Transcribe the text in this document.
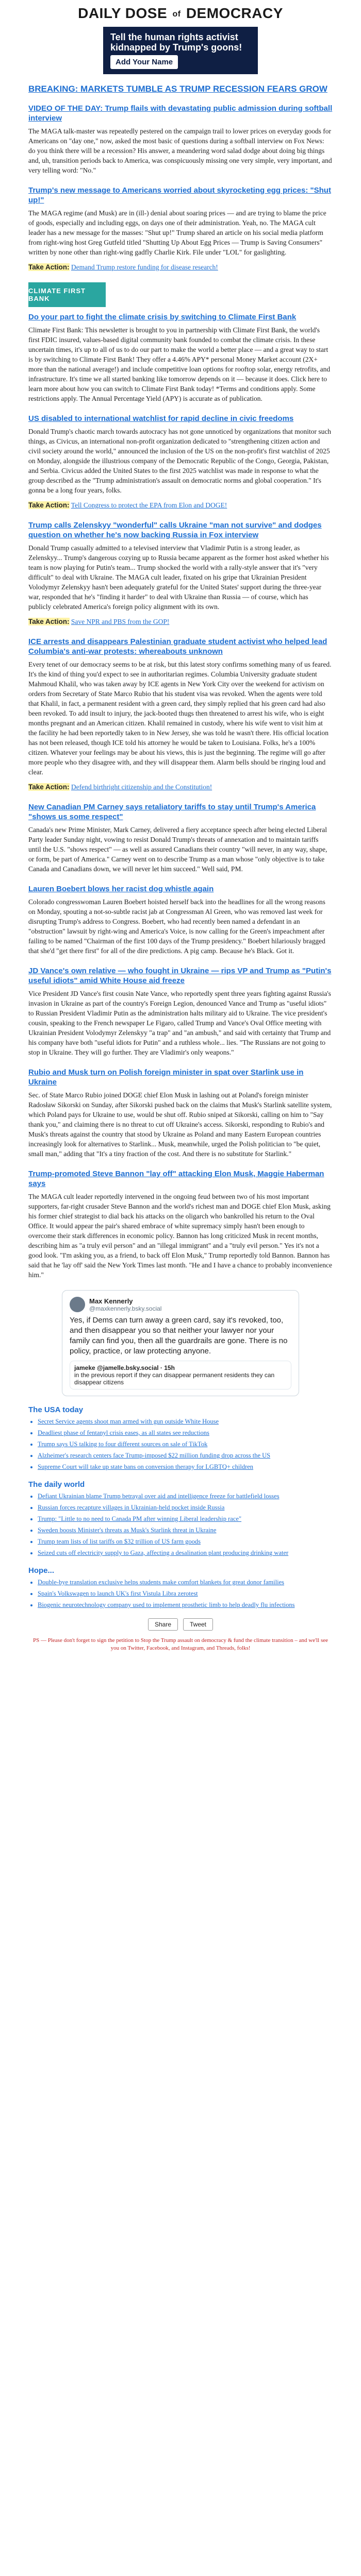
DAILY DOSE of DEMOCRACY
Tell the human rights activist kidnapped by Trump's goons!
Add Your Name
BREAKING: MARKETS TUMBLE AS TRUMP RECESSION FEARS GROW
VIDEO OF THE DAY: Trump flails with devastating public admission during softball interview

The MAGA talk-master was repeatedly pestered on the campaign trail to lower prices on everyday goods for Americans on "day one," now, asked the most basic of questions during a softball interview on Fox News: do you think there will be a recession? His answer, a meandering word salad dodge about doing big things and, uh, transition periods back to America, was conspicuously missing one very simple, very important, and very telling word: "No."

Trump's new message to Americans worried about skyrocketing egg prices: "Shut up!"

The MAGA regime (and Musk) are in (ill-) denial about soaring prices — and are trying to blame the price of goods, especially and including eggs, on days one of their administration. Yeah, no. The MAGA cult leader has a new message for the masses: "Shut up!" Trump shared an article on his social media platform from right-wing host Greg Gutfeld titled "Shutting Up About Egg Prices — Trump is Saving Consumers" written by none other than right-wing gadfly Charlie Kirk. File under "LOL" for gaslighting.

Take Action: Demand Trump restore funding for disease research!

CLIMATE FIRST BANK
Do your part to fight the climate crisis by switching to Climate First Bank

Climate First Bank: This newsletter is brought to you in partnership with Climate First Bank, the world's first FDIC insured, values-based digital community bank founded to combat the climate crisis. In these uncertain times, it's up to all of us to do our part to make the world a better place — and a great way to start is by switching to Climate First Bank! They offer a 4.46% APY* personal Money Market account (2X+ more than the national average!) and include competitive loan options for rooftop solar, energy retrofits, and infrastructure. It's time we all started banking like tomorrow depends on it — because it does. Click here to learn more about how you can switch to Climate First Bank today! *Terms and conditions apply. Some restrictions apply. The Annual Percentage Yield (APY) is accurate as of publication.

US disabled to international watchlist for rapid decline in civic freedoms

Donald Trump's chaotic march towards autocracy has not gone unnoticed by organizations that monitor such things, as Civicus, an international non-profit organization dedicated to "strengthening citizen action and civil society around the world," announced the inclusion of the US on the non-profit's first watchlist of 2025 on Monday, alongside the illustrious company of the Democratic Republic of the Congo, Georgia, Pakistan, and Serbia. Civicus added the United States to the first 2025 watchlist was made in response to what the group described as the "Trump administration's assault on democratic norms and global cooperation." It's gonna be a long four years, folks.

Take Action: Tell Congress to protect the EPA from Elon and DOGE!

Trump calls Zelenskyy "wonderful" calls Ukraine "man not survive" and dodges question on whether he's now backing Russia in Fox interview

Donald Trump casually admitted to a televised interview that Vladimir Putin is a strong leader, as Zelenskyy... Trump's dangerous cozying up to Russia became apparent as the former host asked whether his team is now playing for Putin's team... Trump shocked the world with a rally-style answer that it's "very difficult" to deal with Ukraine. The MAGA cult leader, fixated on his gripe that Ukrainian President Volodymyr Zelenskyy hasn't been adequately grateful for the United States' support during the three-year war, responded that he's "finding it harder" to deal with Ukraine than Russia — of course, which has publicly celebrated America's foreign policy alignment with its own.

Take Action: Save NPR and PBS from the GOP!

ICE arrests and disappears Palestinian graduate student activist who helped lead Columbia's anti-war protests: whereabouts unknown

Every tenet of our democracy seems to be at risk, but this latest story confirms something many of us feared. It's the kind of thing you'd expect to see in authoritarian regimes. Columbia University graduate student Mahmoud Khalil, who was taken away by ICE agents in New York City over the weekend for activism on orders from Secretary of State Marco Rubio that his student visa was revoked. When the agents were told that Khalil, in fact, a permanent resident with a green card, they simply replied that his green card had also been revoked. To add insult to injury, the jack-booted thugs then threatened to arrest his wife, who is eight months pregnant and an American citizen. Khalil remained in custody, where his wife went to visit him at the facility he had been reportedly taken to in New Jersey, she was told he wasn't there. His official location has not been released, though ICE told his attorney he would be taken to Louisiana. Folks, he's a 100% citizen. Whatever your feelings may be about his views, this is just the beginning. The regime will go after more people who they disagree with, and they will disappear them. Alarm bells should be ringing loud and clear.

Take Action: Defend birthright citizenship and the Constitution!

New Canadian PM Carney says retaliatory tariffs to stay until Trump's America "shows us some respect"

Canada's new Prime Minister, Mark Carney, delivered a fiery acceptance speech after being elected Liberal Party leader Sunday night, vowing to resist Donald Trump's threats of annexation and to maintain tariffs until the U.S. "shows respect" — as well as assured Canadians their country "will never, in any way, shape, or form, be part of America." Carney went on to describe Trump as a man whose "only objective is to take Canada and Canadians down, we will never let him succeed." Well said, PM.

Lauren Boebert blows her racist dog whistle again

Colorado congresswoman Lauren Boebert hoisted herself back into the headlines for all the wrong reasons on Monday, spouting a not-so-subtle racist jab at Congressman Al Green, who was removed last week for disrupting Trump's address to Congress. Boebert, who had recently been named a defendant in an "obstruction" lawsuit by right-wing and America's Voice, is now calling for the Green's impeachment after failing to be named "Chairman of the first 100 days of the Trump presidency." Boebert hilariously bragged that she'd "get there first" for all of the dire predictions. A pig camp. Because he's Black. Got it.

JD Vance's own relative — who fought in Ukraine — rips VP and Trump as "Putin's useful idiots" amid White House aid freeze

Vice President JD Vance's first cousin Nate Vance, who reportedly spent three years fighting against Russia's invasion in Ukraine as part of the country's Foreign Legion, denounced Vance and Trump as "useful idiots" to Russian President Vladimir Putin as the administration halts military aid to Ukraine. The vice president's cousin, speaking to the French newspaper Le Figaro, called Trump and Vance's Oval Office meeting with Ukrainian President Volodymyr Zelenskyy "a trap" and "an ambush," and said with certainty that Trump and his company have both "useful idiots for Putin" and a ruthless whole... lies. "The Russians are not going to stop in Ukraine. They will go further. They are Vladimir's only weapons."

Rubio and Musk turn on Polish foreign minister in spat over Starlink use in Ukraine

Sec. of State Marco Rubio joined DOGE chief Elon Musk in lashing out at Poland's foreign minister Radosław Sikorski on Sunday, after Sikorski pushed back on the claims that Musk's Starlink satellite system, which Poland pays for Ukraine to use, would be shut off. Rubio sniped at Sikorski, calling on him to "Say thank you," and claiming there is no threat to cut off Ukraine's access. Sikorski, responding to Rubio's and Musk's threats against the country that stood by Ukraine as Poland and many Eastern European countries increasingly look for alternatives to Starlink... Musk, meanwhile, urged the Polish politician to "be quiet, small man," adding that "It's a tiny fraction of the cost. And there is no substitute for Starlink."

Trump-promoted Steve Bannon "lay off" attacking Elon Musk, Maggie Haberman says

The MAGA cult leader reportedly intervened in the ongoing feud between two of his most important supporters, far-right crusader Steve Bannon and the world's richest man and DOGE chief Elon Musk, asking his former chief strategist to dial back his attacks on the oligarch who bankrolled his return to the Oval Office. It would appear the pair's shared embrace of white supremacy simply hasn't been enough to overcome their stark differences in economic policy. Bannon has long criticized Musk in recent months, describing him as "a truly evil person" and an "illegal immigrant" and a "truly evil person." Yes it's not a good look. "I'm asking you, as a friend, to back off Elon Musk," Trump reportedly told Bannon. Bannon has said that he 'lay off' said the New York Times last month. "He and I have a chance to probably inconvenience him."

Max Kennerly
@maxkennerly.bsky.social

Yes, if Dems can turn away a green card, say it's revoked, too, and then disappear you so that neither your lawyer nor your family can find you, then all the guardrails are gone. There is no policy, practice, or law protecting anyone.

jameke @jamelle.bsky.social · 15h
in the previous report if they can disappear permanent residents they can disappear citizens
The USA today
• Secret Service agents shoot man armed with gun outside White House
• Deadliest phase of fentanyl crisis eases, as all states see reductions
• Trump says US talking to four different sources on sale of TikTok
• Alzheimer's research centers face Trump-imposed $22 million funding drop across the US
• Supreme Court will take up state bans on conversion therapy for LGBTQ+ children
The daily world
• Defiant Ukrainian blame Trump betrayal over aid and intelligence freeze for battlefield losses
• Russian forces recapture villages in Ukrainian-held pocket inside Russia
• Trump: "Little to no need to Canada PM after winning Liberal leadership race"
• Sweden boosts Minister's threats as Musk's Starlink threat in Ukraine
• Trump team lists of list tariffs on $32 trillion of US farm goods
• Seized cuts off electricity supply to Gaza, affecting a desalination plant producing drinking water
Hope...
• Double-bye translation exclusive helps students make comfort blankets for great donor families
• Spain's Volkswagen to launch UK's first Vistula Libra zerotest
• Biogenic neurotechnology company used to implement prosthetic limb to help deadly flu infections
Share	Tweet

PS — Please don't forget to sign the petition to Stop the Trump assault on democracy & fund the climate transition – and we'll see you on Twitter, Facebook, and Instagram, and Threads, folks!
